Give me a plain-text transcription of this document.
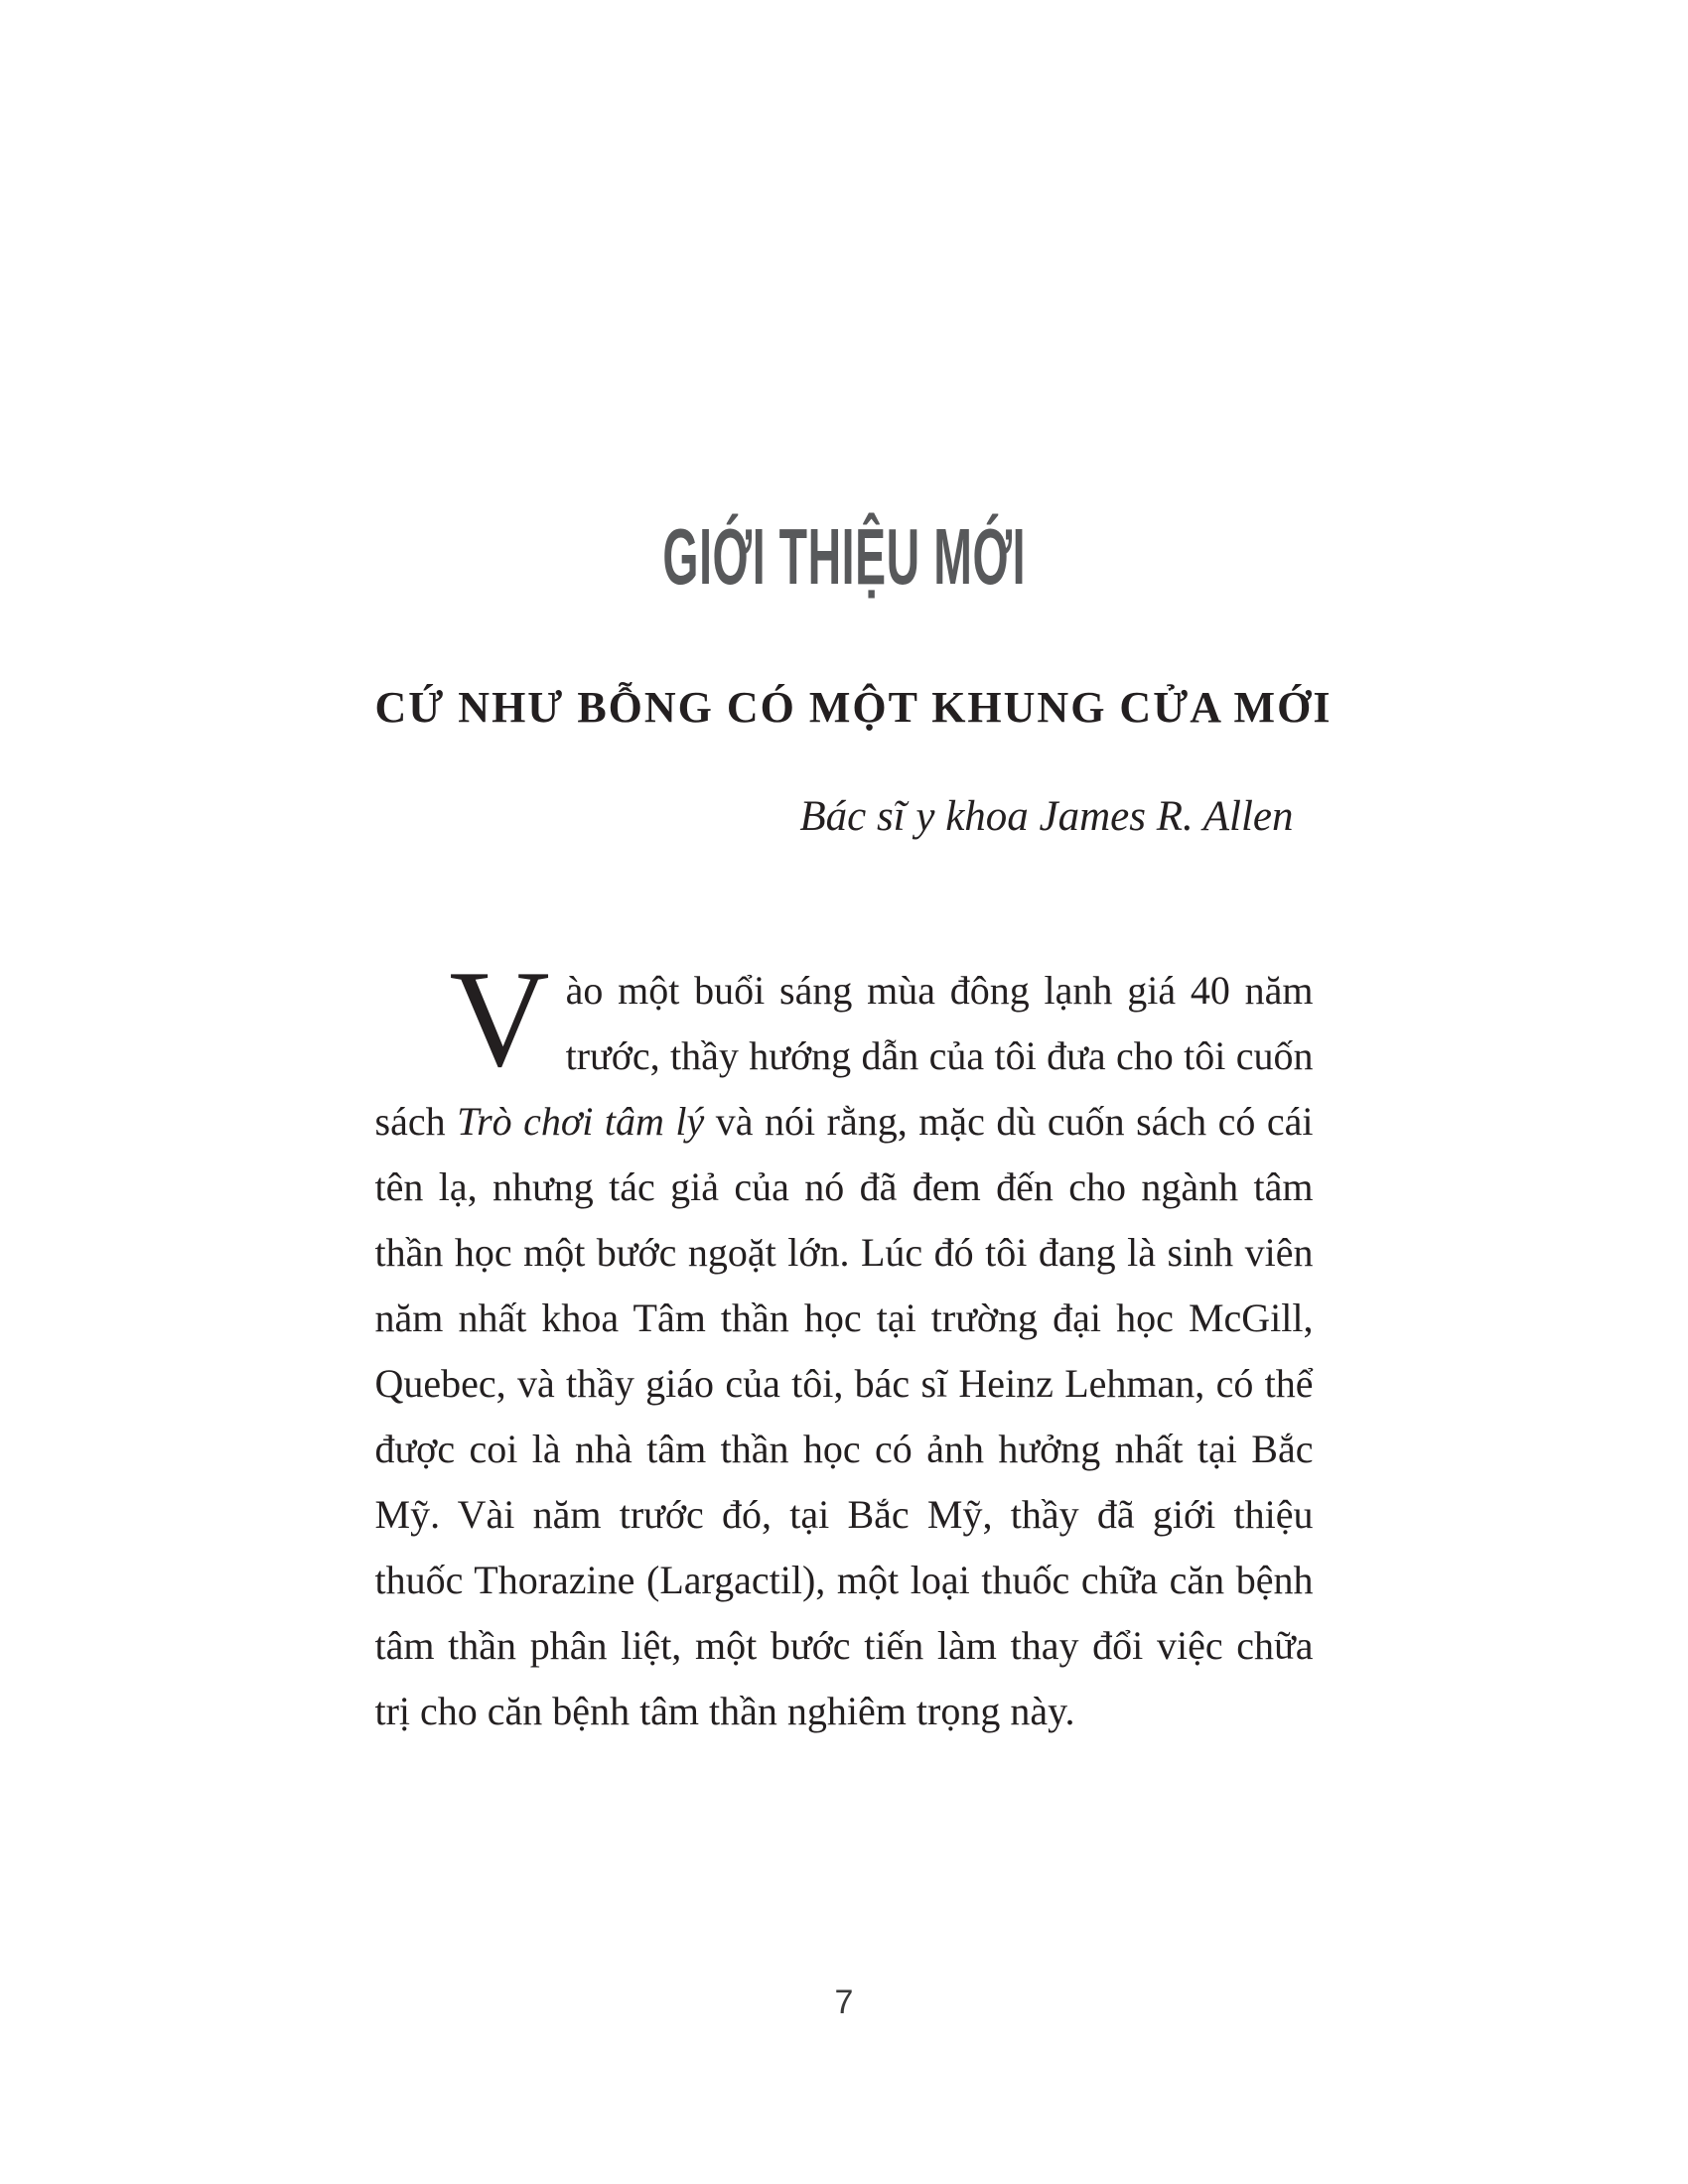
GIỚI THIỆU MỚI
CỨ NHƯ BỖNG CÓ MỘT KHUNG CỬA MỚI
Bác sĩ y khoa James R. Allen

Vào một buổi sáng mùa đông lạnh giá 40 năm trước, thầy hướng dẫn của tôi đưa cho tôi cuốn sách Trò chơi tâm lý và nói rằng, mặc dù cuốn sách có cái tên lạ, nhưng tác giả của nó đã đem đến cho ngành tâm thần học một bước ngoặt lớn. Lúc đó tôi đang là sinh viên năm nhất khoa Tâm thần học tại trường đại học McGill, Quebec, và thầy giáo của tôi, bác sĩ Heinz Lehman, có thể được coi là nhà tâm thần học có ảnh hưởng nhất tại Bắc Mỹ. Vài năm trước đó, tại Bắc Mỹ, thầy đã giới thiệu thuốc Thorazine (Largactil), một loại thuốc chữa căn bệnh tâm thần phân liệt, một bước tiến làm thay đổi việc chữa trị cho căn bệnh tâm thần nghiêm trọng này.

7
